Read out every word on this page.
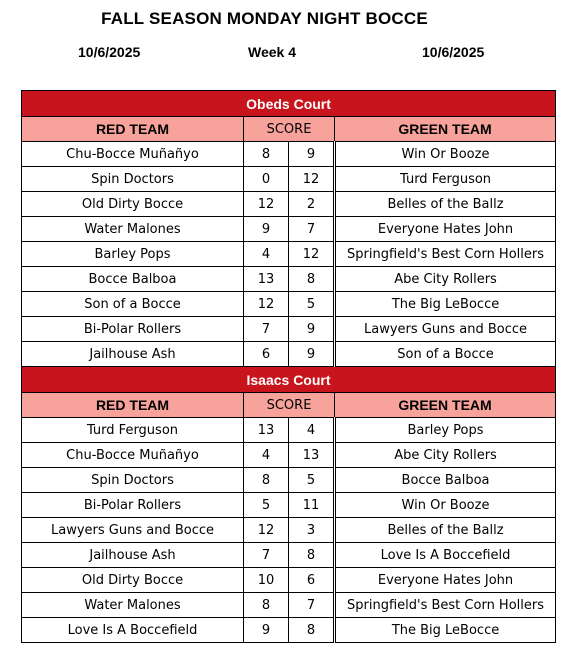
FALL SEASON MONDAY NIGHT BOCCE
10/6/2025	Week 4	10/6/2025
Obeds Court			
RED TEAM	SCORE		GREEN TEAM
Chu-Bocce Muñañyo	8	9	Win Or Booze
Spin Doctors	0	12	Turd Ferguson
Old Dirty Bocce	12	2	Belles of the Ballz
Water Malones	9	7	Everyone Hates John
Barley Pops	4	12	Springfield's Best Corn Hollers
Bocce Balboa	13	8	Abe City Rollers
Son of a Bocce	12	5	The Big LeBocce
Bi-Polar Rollers	7	9	Lawyers Guns and Bocce
Jailhouse Ash	6	9	Son of a Bocce
Isaacs Court			
RED TEAM	SCORE		GREEN TEAM
Turd Ferguson	13	4	Barley Pops
Chu-Bocce Muñañyo	4	13	Abe City Rollers
Spin Doctors	8	5	Bocce Balboa
Bi-Polar Rollers	5	11	Win Or Booze
Lawyers Guns and Bocce	12	3	Belles of the Ballz
Jailhouse Ash	7	8	Love Is A Boccefield
Old Dirty Bocce	10	6	Everyone Hates John
Water Malones	8	7	Springfield's Best Corn Hollers
Love Is A Boccefield	9	8	The Big LeBocce
